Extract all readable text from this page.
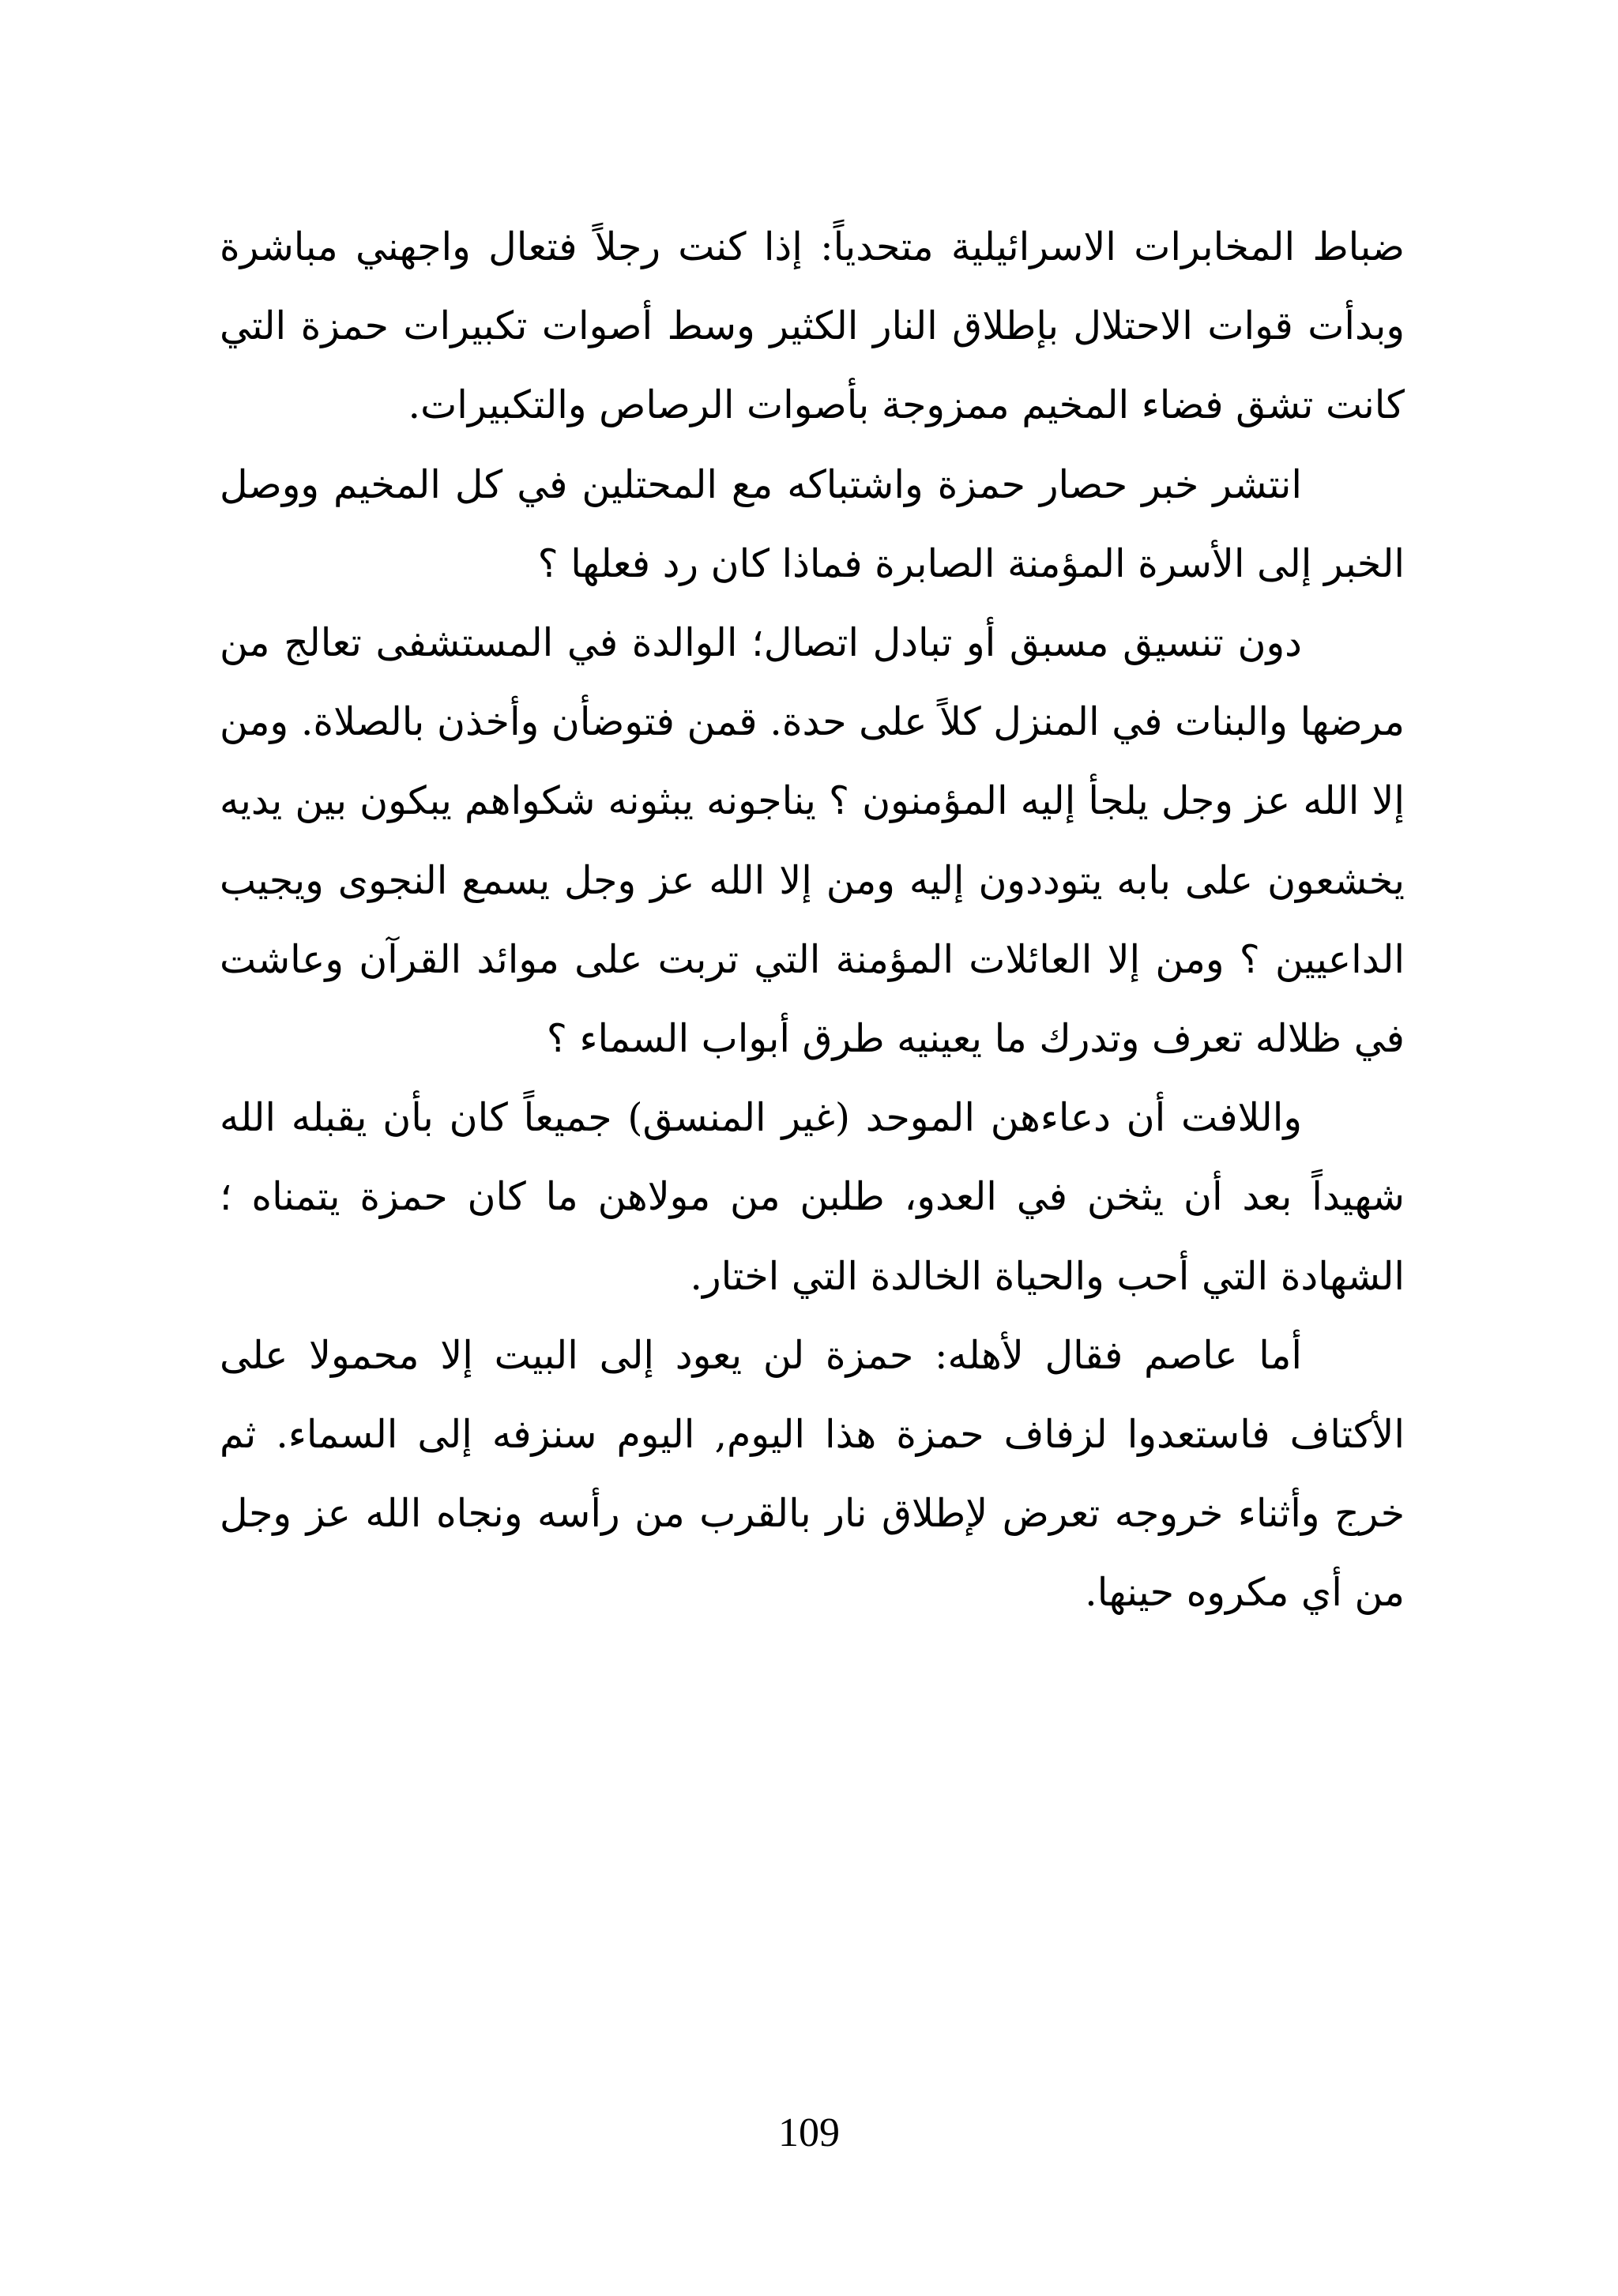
ضباط المخابرات الاسرائيلية متحدياً: إذا كنت رجلاً فتعال واجهني مباشرة وبدأت قوات الاحتلال بإطلاق النار الكثير وسط أصوات تكبيرات حمزة التي كانت تشق فضاء المخيم ممزوجة بأصوات الرصاص والتكبيرات.

انتشر خبر حصار حمزة واشتباكه مع المحتلين في كل المخيم ووصل الخبر إلى الأسرة المؤمنة الصابرة فماذا كان رد فعلها ؟

دون تنسيق مسبق أو تبادل اتصال؛ الوالدة في المستشفى تعالج من مرضها والبنات في المنزل كلاً على حدة. قمن فتوضأن وأخذن بالصلاة. ومن إلا الله عز وجل يلجأ إليه المؤمنون ؟ يناجونه يبثونه شكواهم يبكون بين يديه يخشعون على بابه يتوددون إليه ومن إلا الله عز وجل يسمع النجوى ويجيب الداعيين ؟ ومن إلا العائلات المؤمنة التي تربت على موائد القرآن وعاشت في ظلاله تعرف وتدرك ما يعينيه طرق أبواب السماء ؟

واللافت أن دعاءهن الموحد (غير المنسق) جميعاً كان بأن يقبله الله شهيداً بعد أن يثخن في العدو، طلبن من مولاهن ما كان حمزة يتمناه ؛الشهادة التي أحب والحياة الخالدة التي اختار.

أما عاصم فقال لأهله: حمزة لن يعود إلى البيت إلا محمولا على الأكتاف فاستعدوا لزفاف حمزة هذا اليوم, اليوم سنزفه إلى السماء. ثم خرج وأثناء خروجه تعرض لإطلاق نار بالقرب من رأسه ونجاه الله عز وجل من أي مكروه حينها.

109
